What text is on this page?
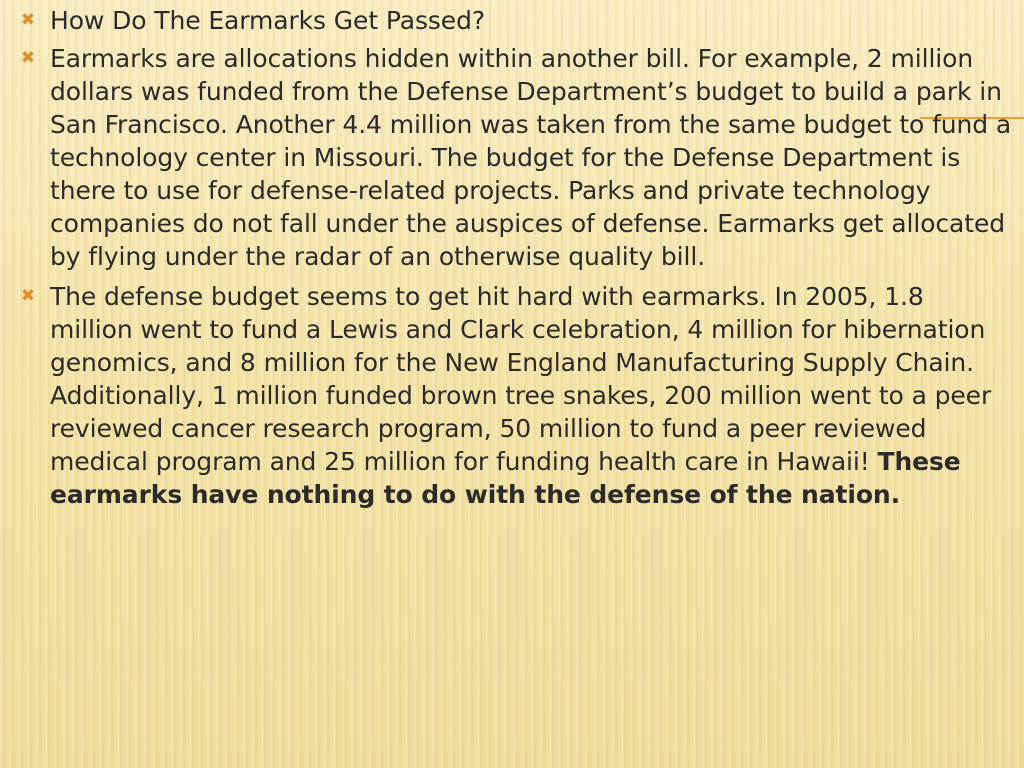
✖ How Do The Earmarks Get Passed?
✖ Earmarks are allocations hidden within another bill. For example, 2 million dollars was funded from the Defense Department’s budget to build a park in San Francisco. Another 4.4 million was taken from the same budget to fund a technology center in Missouri. The budget for the Defense Department is there to use for defense-related projects. Parks and private technology companies do not fall under the auspices of defense. Earmarks get allocated by flying under the radar of an otherwise quality bill.
✖ The defense budget seems to get hit hard with earmarks. In 2005, 1.8 million went to fund a Lewis and Clark celebration, 4 million for hibernation genomics, and 8 million for the New England Manufacturing Supply Chain. Additionally, 1 million funded brown tree snakes, 200 million went to a peer reviewed cancer research program, 50 million to fund a peer reviewed medical program and 25 million for funding health care in Hawaii! These earmarks have nothing to do with the defense of the nation.
